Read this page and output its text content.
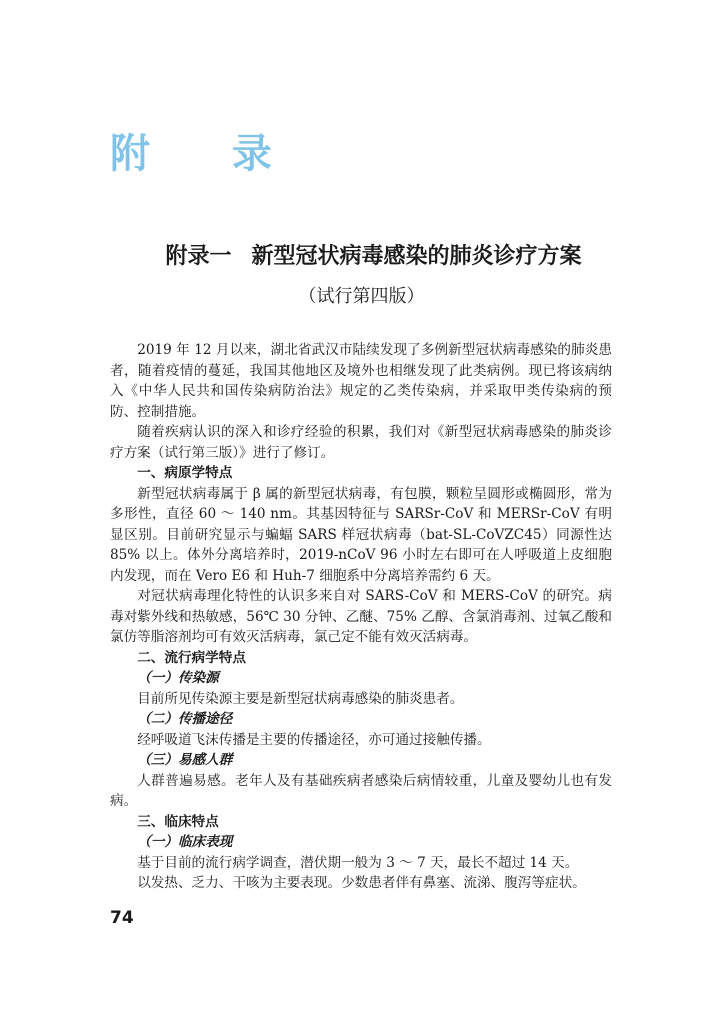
附 录
附录一 新型冠状病毒感染的肺炎诊疗方案
（试行第四版）

2019 年 12 月以来，湖北省武汉市陆续发现了多例新型冠状病毒感染的肺炎患者，随着疫情的蔓延，我国其他地区及境外也相继发现了此类病例。现已将该病纳入《中华人民共和国传染病防治法》规定的乙类传染病，并采取甲类传染病的预防、控制措施。

随着疾病认识的深入和诊疗经验的积累，我们对《新型冠状病毒感染的肺炎诊疗方案（试行第三版）》进行了修订。

一、病原学特点

新型冠状病毒属于 β 属的新型冠状病毒，有包膜，颗粒呈圆形或椭圆形，常为多形性，直径 60 ～ 140 nm。其基因特征与 SARSr-CoV 和 MERSr-CoV 有明显区别。目前研究显示与蝙蝠 SARS 样冠状病毒（bat-SL-CoVZC45）同源性达 85% 以上。体外分离培养时，2019-nCoV 96 小时左右即可在人呼吸道上皮细胞内发现，而在 Vero E6 和 Huh-7 细胞系中分离培养需约 6 天。

对冠状病毒理化特性的认识多来自对 SARS-CoV 和 MERS-CoV 的研究。病毒对紫外线和热敏感，56℃ 30 分钟、乙醚、75% 乙醇、含氯消毒剂、过氧乙酸和氯仿等脂溶剂均可有效灭活病毒，氯己定不能有效灭活病毒。

二、流行病学特点
（一）传染源

目前所见传染源主要是新型冠状病毒感染的肺炎患者。

（二）传播途径

经呼吸道飞沫传播是主要的传播途径，亦可通过接触传播。

（三）易感人群

人群普遍易感。老年人及有基础疾病者感染后病情较重，儿童及婴幼儿也有发病。

三、临床特点
（一）临床表现

基于目前的流行病学调查，潜伏期一般为 3 ～ 7 天，最长不超过 14 天。

以发热、乏力、干咳为主要表现。少数患者伴有鼻塞、流涕、腹泻等症状。

74
